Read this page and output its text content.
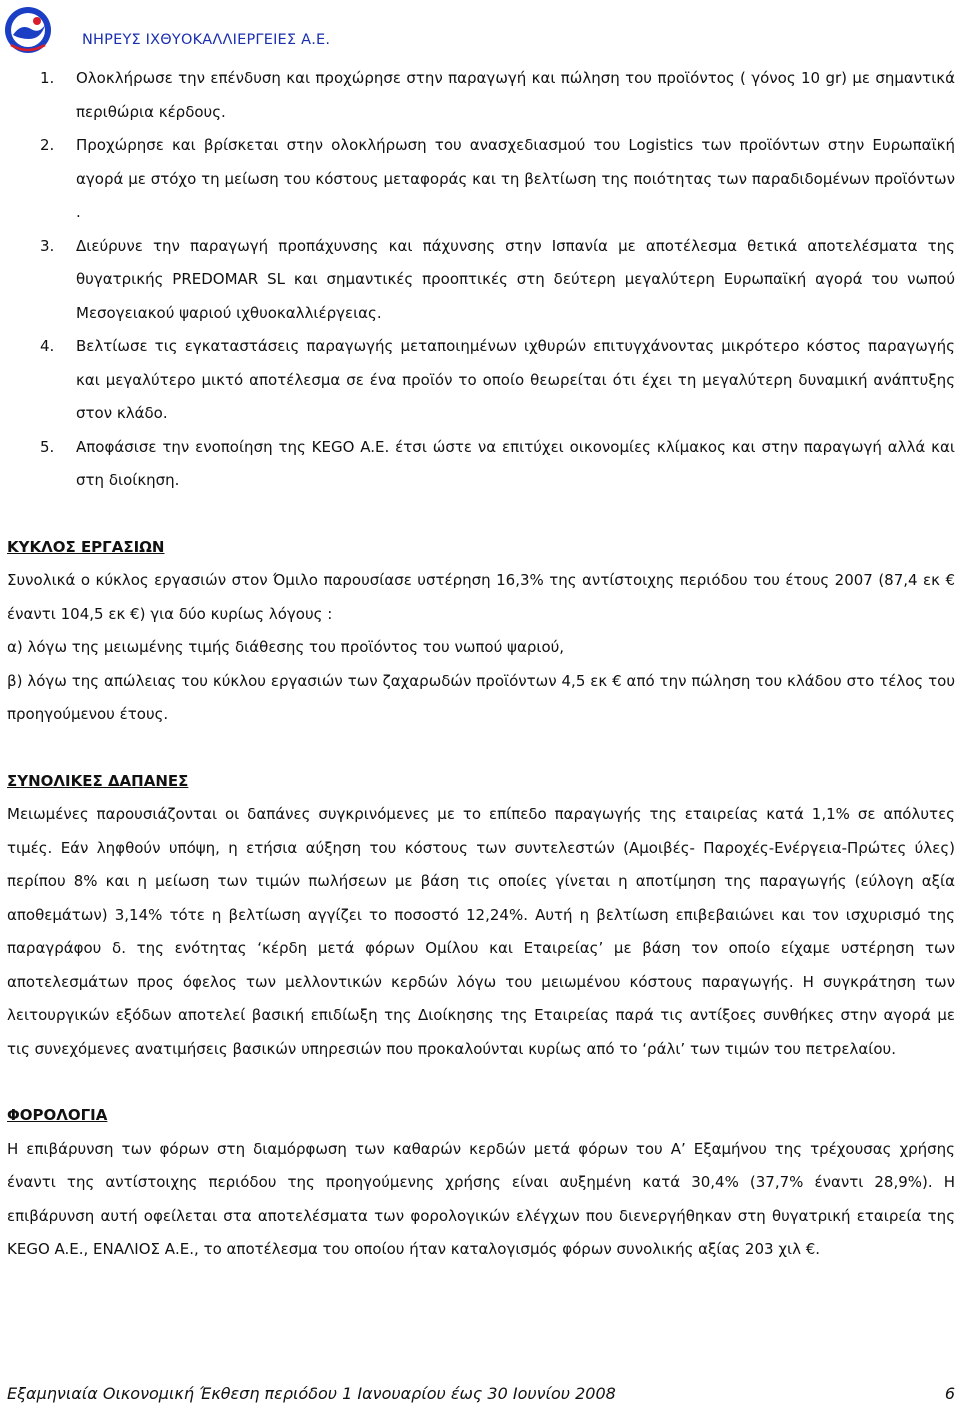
ΝΗΡΕΥΣ ΙΧΘΥΟΚΑΛΛΙΕΡΓΕΙΕΣ Α.Ε.
1.	Ολοκλήρωσε την επένδυση και προχώρησε στην παραγωγή και πώληση του προϊόντος ( γόνος 10 gr) με σημαντικά περιθώρια κέρδους.
2.	Προχώρησε και βρίσκεται στην ολοκλήρωση του ανασχεδιασμού του Logistics των προϊόντων στην Ευρωπαϊκή αγορά με στόχο τη μείωση του κόστους μεταφοράς και τη βελτίωση της ποιότητας των παραδιδομένων προϊόντων .
3.	Διεύρυνε την παραγωγή προπάχυνσης και πάχυνσης στην Ισπανία με αποτέλεσμα θετικά αποτελέσματα της θυγατρικής PREDOMAR SL και σημαντικές προοπτικές στη δεύτερη μεγαλύτερη Ευρωπαϊκή αγορά του νωπού Μεσογειακού ψαριού ιχθυοκαλλιέργειας.
4.	Βελτίωσε τις εγκαταστάσεις παραγωγής μεταποιημένων ιχθυρών επιτυγχάνοντας μικρότερο κόστος παραγωγής και μεγαλύτερο μικτό αποτέλεσμα σε ένα προϊόν το οποίο θεωρείται ότι έχει τη μεγαλύτερη δυναμική ανάπτυξης στον κλάδο.
5.	Αποφάσισε την ενοποίηση της KEGO A.E. έτσι ώστε να επιτύχει οικονομίες κλίμακος και στην παραγωγή αλλά και στη διοίκηση.
ΚΥΚΛΟΣ ΕΡΓΑΣΙΩΝ
Συνολικά ο κύκλος εργασιών στον Όμιλο παρουσίασε υστέρηση 16,3% της αντίστοιχης περιόδου του έτους 2007 (87,4 εκ € έναντι 104,5 εκ €) για δύο κυρίως λόγους :
α) λόγω της μειωμένης τιμής διάθεσης του προϊόντος του νωπού ψαριού,
β) λόγω της απώλειας του κύκλου εργασιών των ζαχαρωδών προϊόντων 4,5 εκ € από την πώληση του κλάδου στο τέλος του προηγούμενου έτους.
ΣΥΝΟΛΙΚΕΣ ΔΑΠΑΝΕΣ
Μειωμένες παρουσιάζονται οι δαπάνες συγκρινόμενες με το επίπεδο παραγωγής της εταιρείας κατά 1,1% σε απόλυτες τιμές. Εάν ληφθούν υπόψη, η ετήσια αύξηση του κόστους των συντελεστών (Αμοιβές- Παροχές-Ενέργεια-Πρώτες ύλες) περίπου 8% και η μείωση των τιμών πωλήσεων με βάση τις οποίες γίνεται η αποτίμηση της παραγωγής (εύλογη αξία αποθεμάτων) 3,14% τότε η βελτίωση αγγίζει το ποσοστό 12,24%. Αυτή η βελτίωση επιβεβαιώνει και τον ισχυρισμό της παραγράφου δ. της ενότητας ‘κέρδη μετά φόρων Ομίλου και Εταιρείας’ με βάση τον οποίο είχαμε υστέρηση των αποτελεσμάτων προς όφελος των μελλοντικών κερδών λόγω του μειωμένου κόστους παραγωγής. Η συγκράτηση των λειτουργικών εξόδων αποτελεί βασική επιδίωξη της Διοίκησης της Εταιρείας παρά τις αντίξοες συνθήκες στην αγορά με τις συνεχόμενες ανατιμήσεις βασικών υπηρεσιών που προκαλούνται κυρίως από το ‘ράλι’ των τιμών του πετρελαίου.
ΦΟΡΟΛΟΓΙΑ
Η επιβάρυνση των φόρων στη διαμόρφωση των καθαρών κερδών μετά φόρων του Α’ Εξαμήνου της τρέχουσας χρήσης έναντι της αντίστοιχης περιόδου της προηγούμενης χρήσης είναι αυξημένη κατά 30,4% (37,7% έναντι 28,9%). Η επιβάρυνση αυτή οφείλεται στα αποτελέσματα των φορολογικών ελέγχων που διενεργήθηκαν στη θυγατρική εταιρεία της KEGO A.E., ΕΝΑΛΙΟΣ Α.Ε., το αποτέλεσμα του οποίου ήταν καταλογισμός φόρων συνολικής αξίας 203 χιλ €.
Εξαμηνιαία Οικονομική Έκθεση περιόδου 1 Ιανουαρίου έως 30 Ιουνίου 2008	6
